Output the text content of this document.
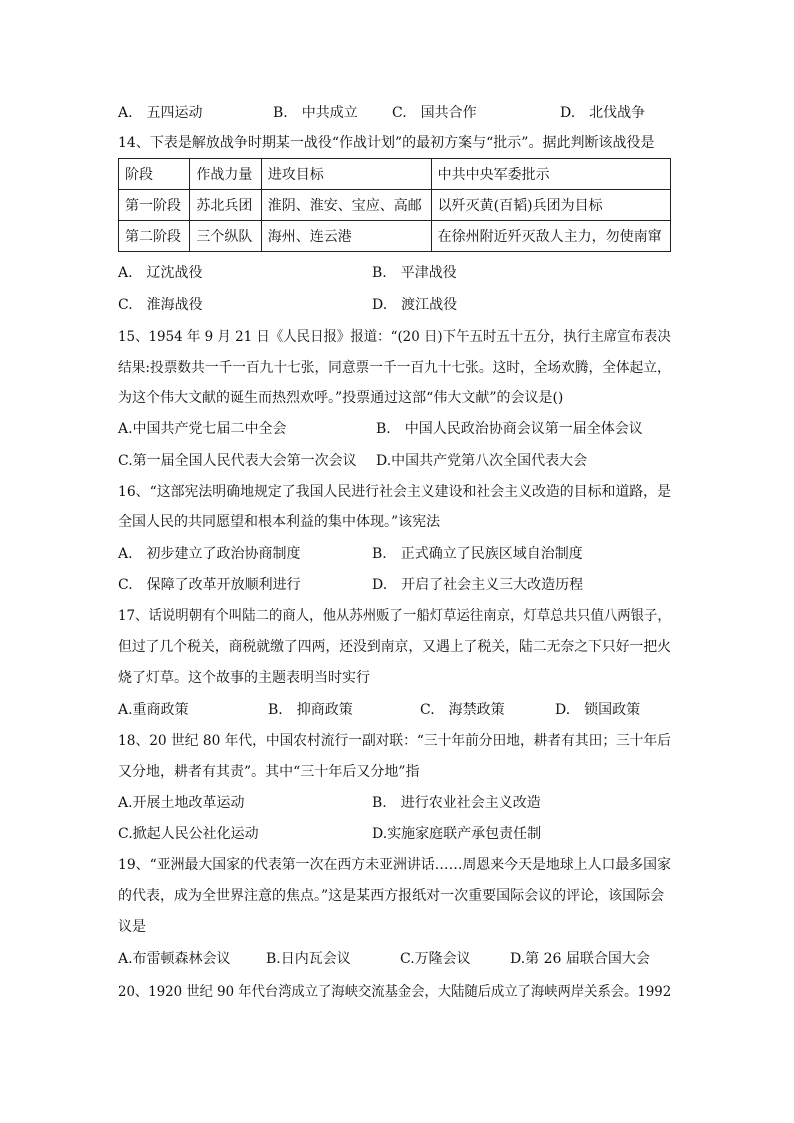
A.　五四运动	B.　中共成立 C.　国共合作	D.　北伐战争
14、下表是解放战争时期某一战役“作战计划”的最初方案与“批示”。据此判断该战役是
阶段	作战力量	进攻目标	中共中央军委批示
第一阶段	苏北兵团	淮阴、淮安、宝应、高邮	以歼灭黄(百韬)兵团为目标
第二阶段	三个纵队	海州、连云港	在徐州附近歼灭敌人主力，勿使南窜
A.　辽沈战役	B.　平津战役
C.　淮海战役	D.　渡江战役
15、1954 年 9 月 21 日《人民日报》报道：“(20 日)下午五时五十五分，执行主席宣布表决
结果:投票数共一千一百九十七张，同意票一千一百九十七张。这时，全场欢腾，全体起立，
为这个伟大文献的诞生而热烈欢呼。”投票通过这部“伟大文献”的会议是()
A.中国共产党七届二中全会	B.　中国人民政治协商会议第一届全体会议
C.第一届全国人民代表大会第一次会议 D.中国共产党第八次全国代表大会
16、“这部宪法明确地规定了我国人民进行社会主义建设和社会主义改造的目标和道路，是
全国人民的共同愿望和根本利益的集中体现。”该宪法
A.　初步建立了政治协商制度	B.　正式确立了民族区域自治制度
C.　保障了改革开放顺利进行	D.　开启了社会主义三大改造历程
17、话说明朝有个叫陆二的商人，他从苏州贩了一船灯草运往南京，灯草总共只值八两银子，
但过了几个税关，商税就缴了四两，还没到南京，又遇上了税关，陆二无奈之下只好一把火
烧了灯草。这个故事的主题表明当时实行
A.重商政策	B.　抑商政策	C.　海禁政策	D.　锁国政策
18、20 世纪 80 年代，中国农村流行一副对联：“三十年前分田地，耕者有其田；三十年后
又分地，耕者有其责”。其中“三十年后又分地”指
A.开展土地改革运动	B.　进行农业社会主义改造
C.掀起人民公社化运动	D.实施家庭联产承包责任制
19、“亚洲最大国家的代表第一次在西方未亚洲讲话……周恩来今天是地球上人口最多国家
的代表，成为全世界注意的焦点。”这是某西方报纸对一次重要国际会议的评论，该国际会
议是
A.布雷顿森林会议	B.日内瓦会议	C.万隆会议	D.第 26 届联合国大会
20、1920 世纪 90 年代台湾成立了海峡交流基金会，大陆随后成立了海峡两岸关系会。1992
